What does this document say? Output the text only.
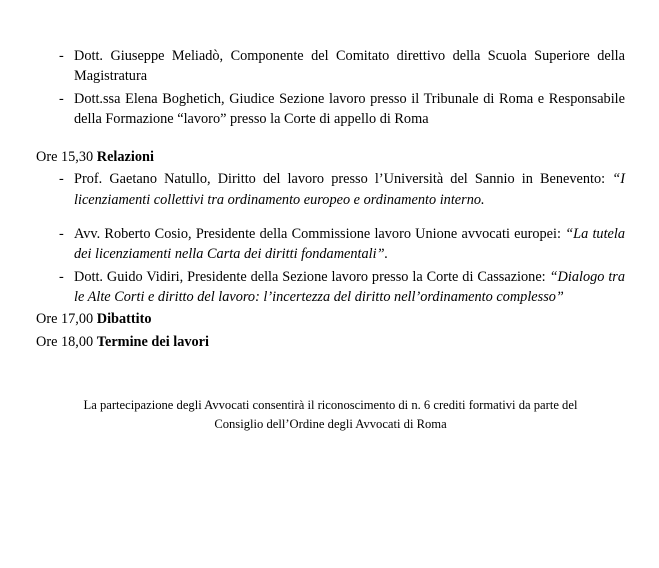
- Dott. Giuseppe Meliadò, Componente del Comitato direttivo della Scuola Superiore della Magistratura
- Dott.ssa Elena Boghetich, Giudice Sezione lavoro presso il Tribunale di Roma e Responsabile della Formazione “lavoro” presso la Corte di appello di Roma
Ore 15,30 Relazioni
- Prof. Gaetano Natullo, Diritto del lavoro presso l’Università del Sannio in Benevento: “I licenziamenti collettivi tra ordinamento europeo e ordinamento interno.
- Avv. Roberto Cosio, Presidente della Commissione lavoro Unione avvocati europei: “La tutela dei licenziamenti nella Carta dei diritti fondamentali”.
- Dott. Guido Vidiri, Presidente della Sezione lavoro presso la Corte di Cassazione: “Dialogo tra le Alte Corti e diritto del lavoro: l’incertezza del diritto nell’ordinamento complesso”
Ore 17,00 Dibattito
Ore 18,00 Termine dei lavori
La partecipazione degli Avvocati consentirà il riconoscimento di n. 6 crediti formativi da parte del Consiglio dell’Ordine degli Avvocati di Roma
